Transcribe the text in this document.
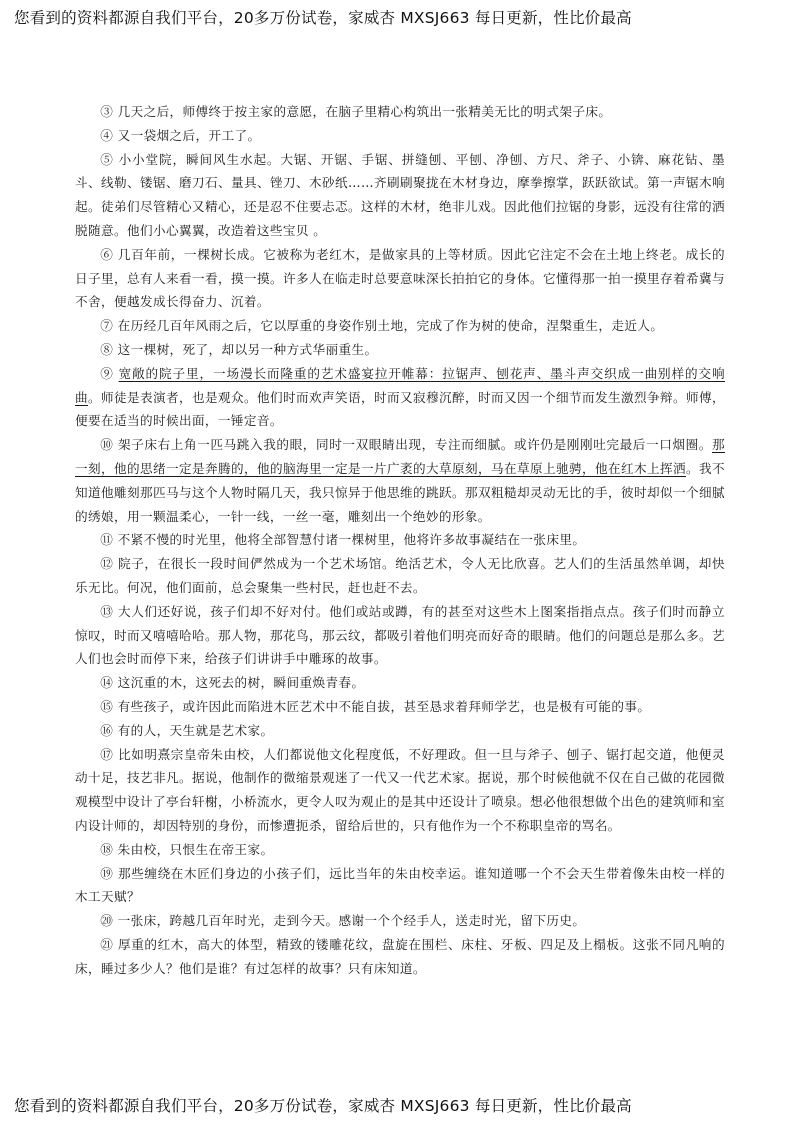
您看到的资料都源自我们平台，20多万份试卷，家威杏 MXSJ663 每日更新，性比价最高

③ 几天之后，师傅终于按主家的意愿，在脑子里精心构筑出一张精美无比的明式架子床。

④ 又一袋烟之后，开工了。

⑤ 小小堂院，瞬间风生水起。大锯、开锯、手锯、拼缝刨、平刨、净刨、方尺、斧子、小锛、麻花钻、墨斗、线勒、镂锯、磨刀石、量具、锉刀、木砂纸……齐刷刷聚拢在木材身边，摩拳擦掌，跃跃欲试。第一声锯木响起。徒弟们尽管精心又精心，还是忍不住要忐忑。这样的木材，绝非儿戏。因此他们拉锯的身影，远没有往常的洒脱随意。他们小心翼翼，改造着这些宝贝 。

⑥ 几百年前，一棵树长成。它被称为老红木，是做家具的上等材质。因此它注定不会在土地上终老。成长的日子里，总有人来看一看，摸一摸。许多人在临走时总要意味深长拍拍它的身体。它懂得那一拍一摸里存着希冀与不舍，便越发成长得奋力、沉着。

⑦ 在历经几百年风雨之后，它以厚重的身姿作别土地，完成了作为树的使命，涅槃重生，走近人。

⑧ 这一棵树，死了，却以另一种方式华丽重生。

⑨ 宽敞的院子里，一场漫长而隆重的艺术盛宴拉开帷幕：拉锯声、刨花声、墨斗声交织成一曲别样的交响曲。师徒是表演者，也是观众。他们时而欢声笑语，时而又寂穆沉醉，时而又因一个细节而发生激烈争辩。师傅，便要在适当的时候出面，一锤定音。

⑩ 架子床右上角一匹马跳入我的眼，同时一双眼睛出现，专注而细腻。或许仍是刚刚吐完最后一口烟圈。那一刻，他的思绪一定是奔腾的，他的脑海里一定是一片广袤的大草原刻，马在草原上驰骋，他在红木上挥洒。我不知道他雕刻那匹马与这个人物时隔几天，我只惊异于他思维的跳跃。那双粗糙却灵动无比的手，彼时却似一个细腻的绣娘，用一颗温柔心，一针一线，一丝一毫，雕刻出一个绝妙的形象。

⑪ 不紧不慢的时光里，他将全部智慧付诸一棵树里，他将许多故事凝结在一张床里。

⑫ 院子，在很长一段时间俨然成为一个艺术场馆。绝活艺术，令人无比欣喜。艺人们的生活虽然单调，却快乐无比。何况，他们面前，总会聚集一些村民，赶也赶不去。

⑬ 大人们还好说，孩子们却不好对付。他们或站或蹲，有的甚至对这些木上图案指指点点。孩子们时而静立惊叹，时而又嘻嘻哈哈。那人物，那花鸟，那云纹，都吸引着他们明亮而好奇的眼睛。他们的问题总是那么多。艺人们也会时而停下来，给孩子们讲讲手中雕琢的故事。

⑭ 这沉重的木，这死去的树，瞬间重焕青春。

⑮ 有些孩子，或许因此而陷进木匠艺术中不能自拔，甚至恳求着拜师学艺，也是极有可能的事。

⑯ 有的人，天生就是艺术家。

⑰ 比如明熹宗皇帝朱由校，人们都说他文化程度低，不好理政。但一旦与斧子、刨子、锯打起交道，他便灵动十足，技艺非凡。据说，他制作的微缩景观迷了一代又一代艺术家。据说，那个时候他就不仅在自己做的花园微观模型中设计了亭台轩榭，小桥流水，更令人叹为观止的是其中还设计了喷泉。想必他很想做个出色的建筑师和室内设计师的，却因特别的身份，而惨遭扼杀，留给后世的，只有他作为一个不称职皇帝的骂名。

⑱ 朱由校，只恨生在帝王家。

⑲ 那些缠绕在木匠们身边的小孩子们，远比当年的朱由校幸运。谁知道哪一个不会天生带着像朱由校一样的木工天赋？

⑳ 一张床，跨越几百年时光，走到今天。感谢一个个经手人，送走时光，留下历史。

㉑ 厚重的红木，高大的体型，精致的镂雕花纹，盘旋在围栏、床柱、牙板、四足及上榻板。这张不同凡响的床，睡过多少人？他们是谁？有过怎样的故事？只有床知道。

您看到的资料都源自我们平台，20多万份试卷，家威杏 MXSJ663 每日更新，性比价最高
